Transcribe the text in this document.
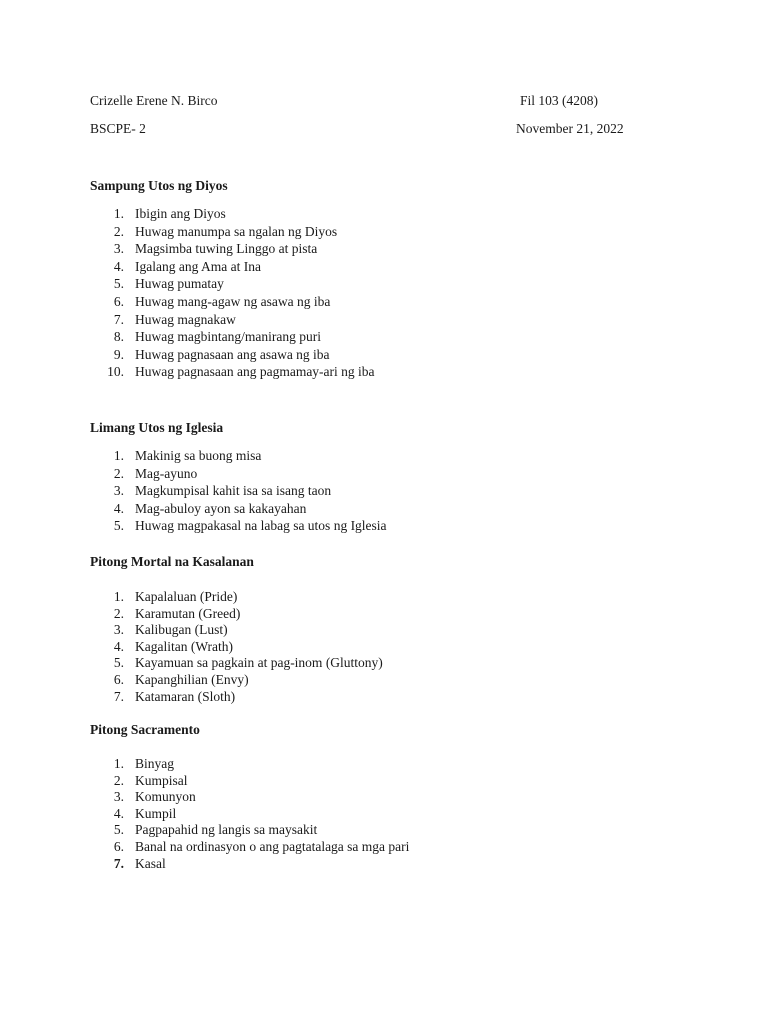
Crizelle Erene N. Birco	Fil 103 (4208)
BSCPE- 2	November 21, 2022
Sampung Utos ng Diyos
1. Ibigin ang Diyos
2. Huwag manumpa sa ngalan ng Diyos
3. Magsimba tuwing Linggo at pista
4. Igalang ang Ama at Ina
5. Huwag pumatay
6. Huwag mang-agaw ng asawa ng iba
7. Huwag magnakaw
8. Huwag magbintang/manirang puri
9. Huwag pagnasaan ang asawa ng iba
10. Huwag pagnasaan ang pagmamay-ari ng iba
Limang Utos ng Iglesia
1. Makinig sa buong misa
2. Mag-ayuno
3. Magkumpisal kahit isa sa isang taon
4. Mag-abuloy ayon sa kakayahan
5. Huwag magpakasal na labag sa utos ng Iglesia
Pitong Mortal na Kasalanan
1. Kapalaluan (Pride)
2. Karamutan (Greed)
3. Kalibugan (Lust)
4. Kagalitan (Wrath)
5. Kayamuan sa pagkain at pag-inom (Gluttony)
6. Kapanghilian (Envy)
7. Katamaran (Sloth)
Pitong Sacramento
1. Binyag
2. Kumpisal
3. Komunyon
4. Kumpil
5. Pagpapahid ng langis sa maysakit
6. Banal na ordinasyon o ang pagtatalaga sa mga pari
7. Kasal
